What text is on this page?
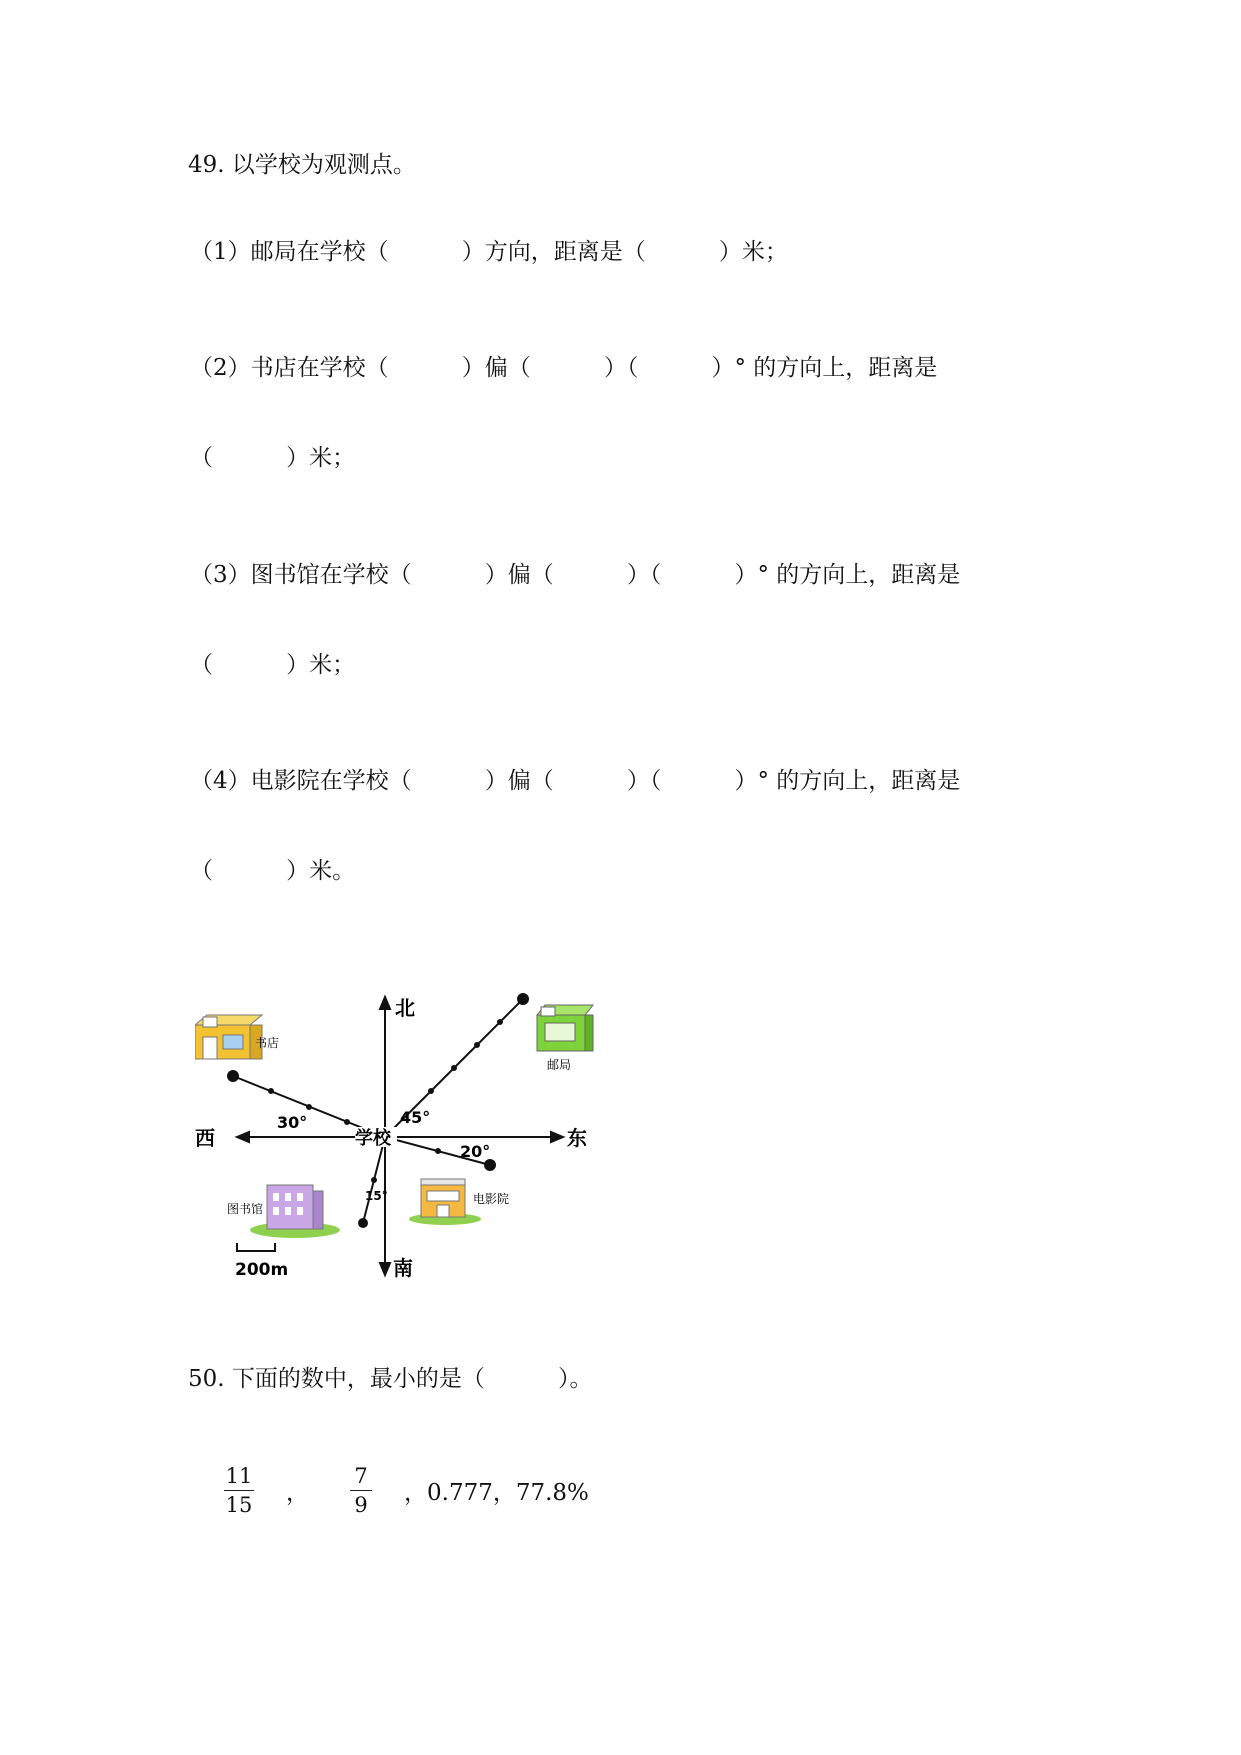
49. 以学校为观测点。
（1）邮局在学校（          ）方向，距离是（          ）米；
（2）书店在学校（          ）偏（          ）（          ）° 的方向上，距离是
（          ）米；
（3）图书馆在学校（          ）偏（          ）（          ）° 的方向上，距离是
（          ）米；
（4）电影院在学校（          ）偏（          ）（          ）° 的方向上，距离是
（          ）米。
北
南
东
西	学校
30°	45°
20°
15°
书店
邮局
图书馆
电影院
200m
50. 下面的数中，最小的是（          ）。
11
15 ，
7
9 ，0.777，77.8%
